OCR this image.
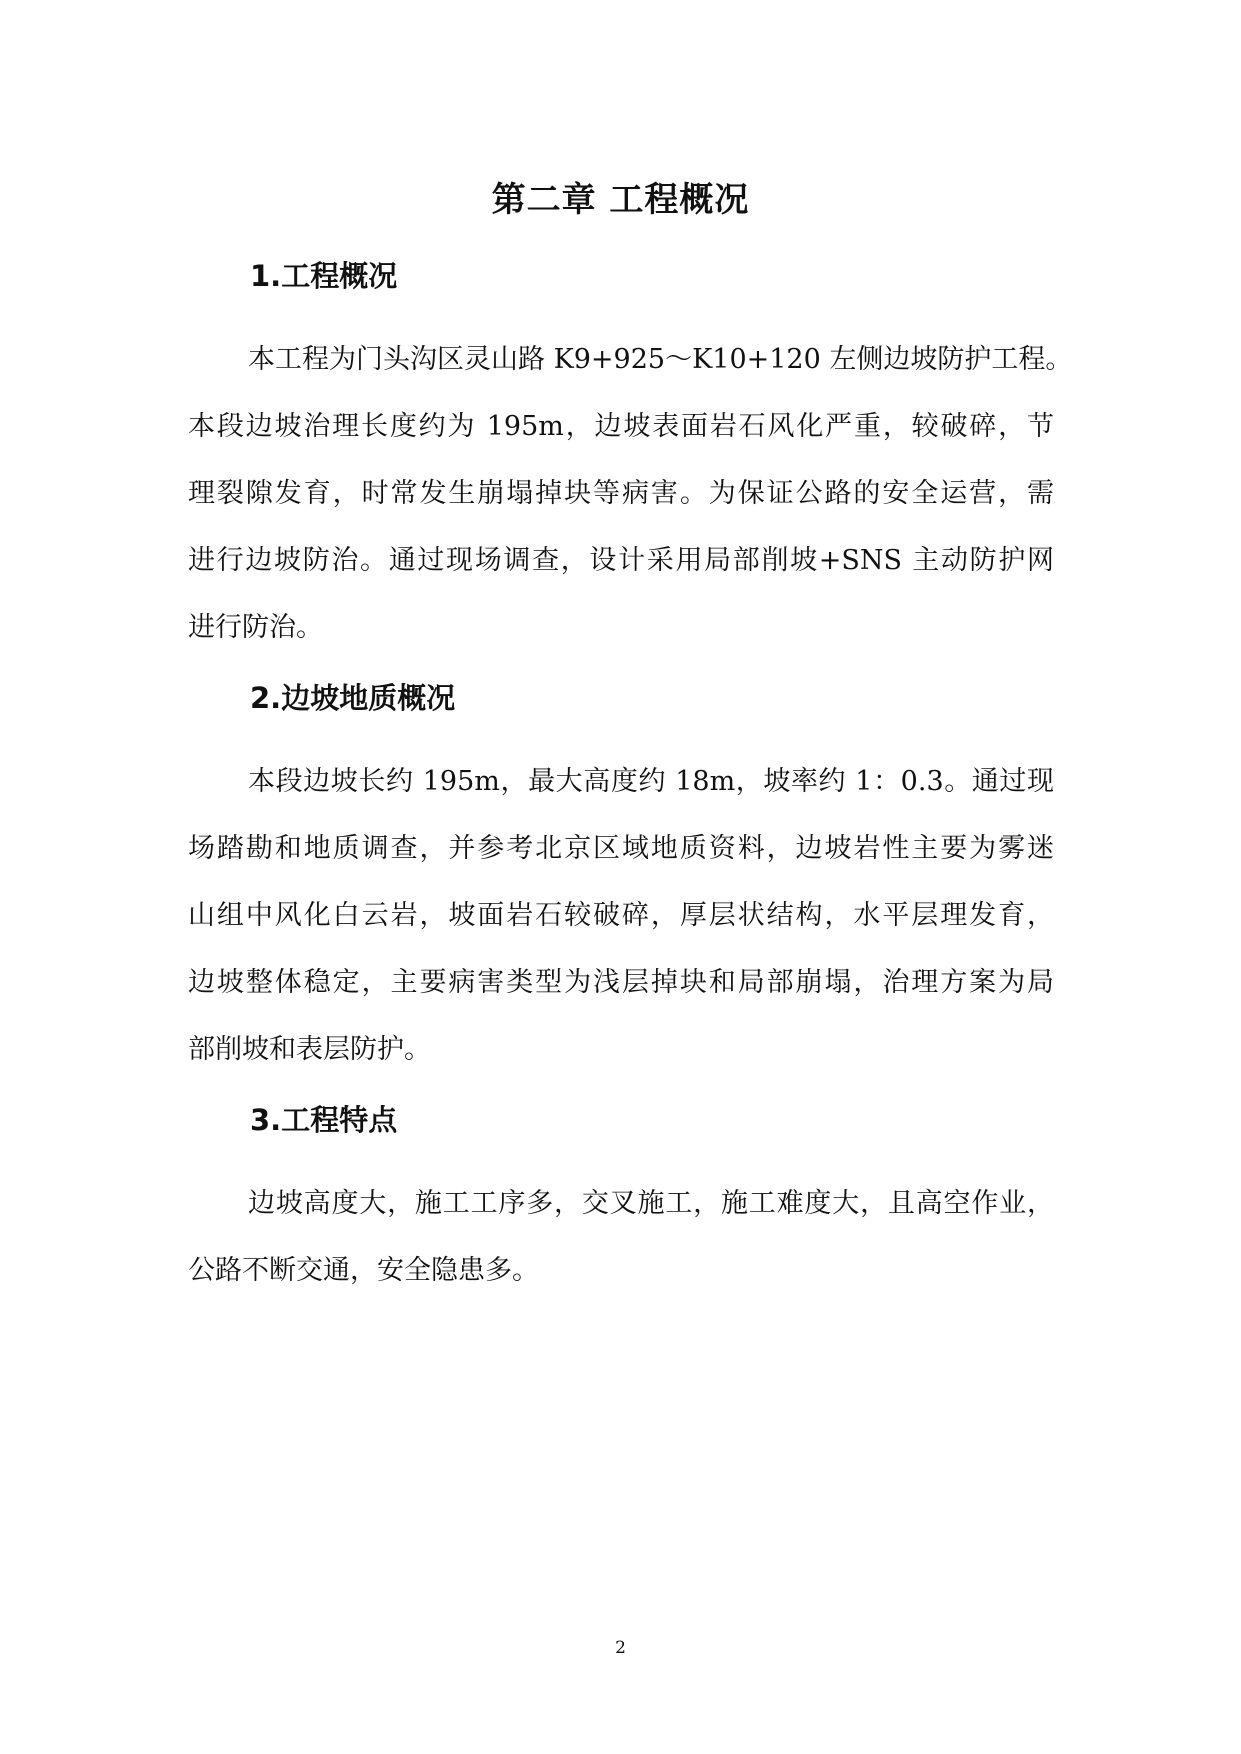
第二章 工程概况
1.工程概况
本工程为门头沟区灵山路 K9+925～K10+120 左侧边坡防护工程。
本段边坡治理长度约为 195m，边坡表面岩石风化严重，较破碎，节
理裂隙发育，时常发生崩塌掉块等病害。为保证公路的安全运营，需
进行边坡防治。通过现场调查，设计采用局部削坡+SNS 主动防护网
进行防治。
2.边坡地质概况
本段边坡长约 195m，最大高度约 18m，坡率约 1：0.3。通过现
场踏勘和地质调查，并参考北京区域地质资料，边坡岩性主要为雾迷
山组中风化白云岩，坡面岩石较破碎，厚层状结构，水平层理发育，
边坡整体稳定，主要病害类型为浅层掉块和局部崩塌，治理方案为局
部削坡和表层防护。
3.工程特点
边坡高度大，施工工序多，交叉施工，施工难度大，且高空作业，
公路不断交通，安全隐患多。
2
